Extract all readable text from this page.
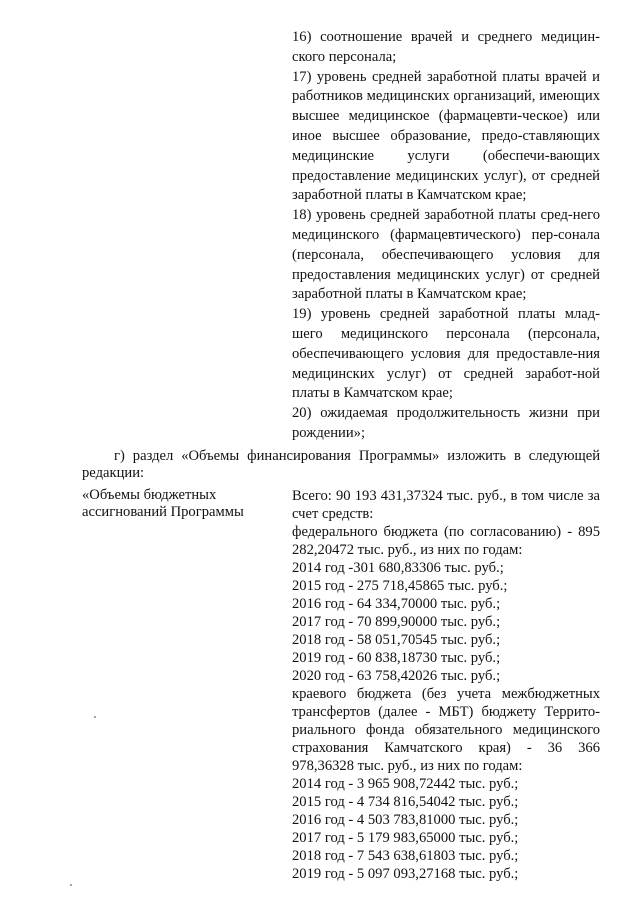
16) соотношение врачей и среднего медицин-ского персонала;

17) уровень средней заработной платы врачей и работников медицинских организаций, имеющих высшее медицинское (фармацевти-ческое) или иное высшее образование, предо-ставляющих медицинские услуги (обеспечи-вающих предоставление медицинских услуг), от средней заработной платы в Камчатском крае;

18) уровень средней заработной платы сред-него медицинского (фармацевтического) пер-сонала (персонала, обеспечивающего условия для предоставления медицинских услуг) от средней заработной платы в Камчатском крае;

19) уровень средней заработной платы млад-шего медицинского персонала (персонала, обеспечивающего условия для предоставле-ния медицинских услуг) от средней заработ-ной платы в Камчатском крае;

20) ожидаемая продолжительность жизни при рождении»;

г) раздел «Объемы финансирования Программы» изложить в следующей редакции:
«Объемы бюджетных
ассигнований Программы
Всего: 90 193 431,37324 тыс. руб., в том числе за счет средств:
федерального бюджета (по согласованию) - 895 282,20472 тыс. руб., из них по годам:
2014 год -301 680,83306 тыс. руб.;
2015 год - 275 718,45865 тыс. руб.;
2016 год - 64 334,70000 тыс. руб.;
2017 год - 70 899,90000 тыс. руб.;
2018 год - 58 051,70545 тыс. руб.;
2019 год - 60 838,18730 тыс. руб.;
2020 год - 63 758,42026 тыс. руб.;
краевого бюджета (без учета межбюджетных трансфертов (далее - МБТ) бюджету Террито-риального фонда обязательного медицинского страхования Камчатского края) - 36 366 978,36328 тыс. руб., из них по годам:
2014 год - 3 965 908,72442 тыс. руб.;
2015 год - 4 734 816,54042 тыс. руб.;
2016 год - 4 503 783,81000 тыс. руб.;
2017 год - 5 179 983,65000 тыс. руб.;
2018 год - 7 543 638,61803 тыс. руб.;
2019 год - 5 097 093,27168 тыс. руб.;
